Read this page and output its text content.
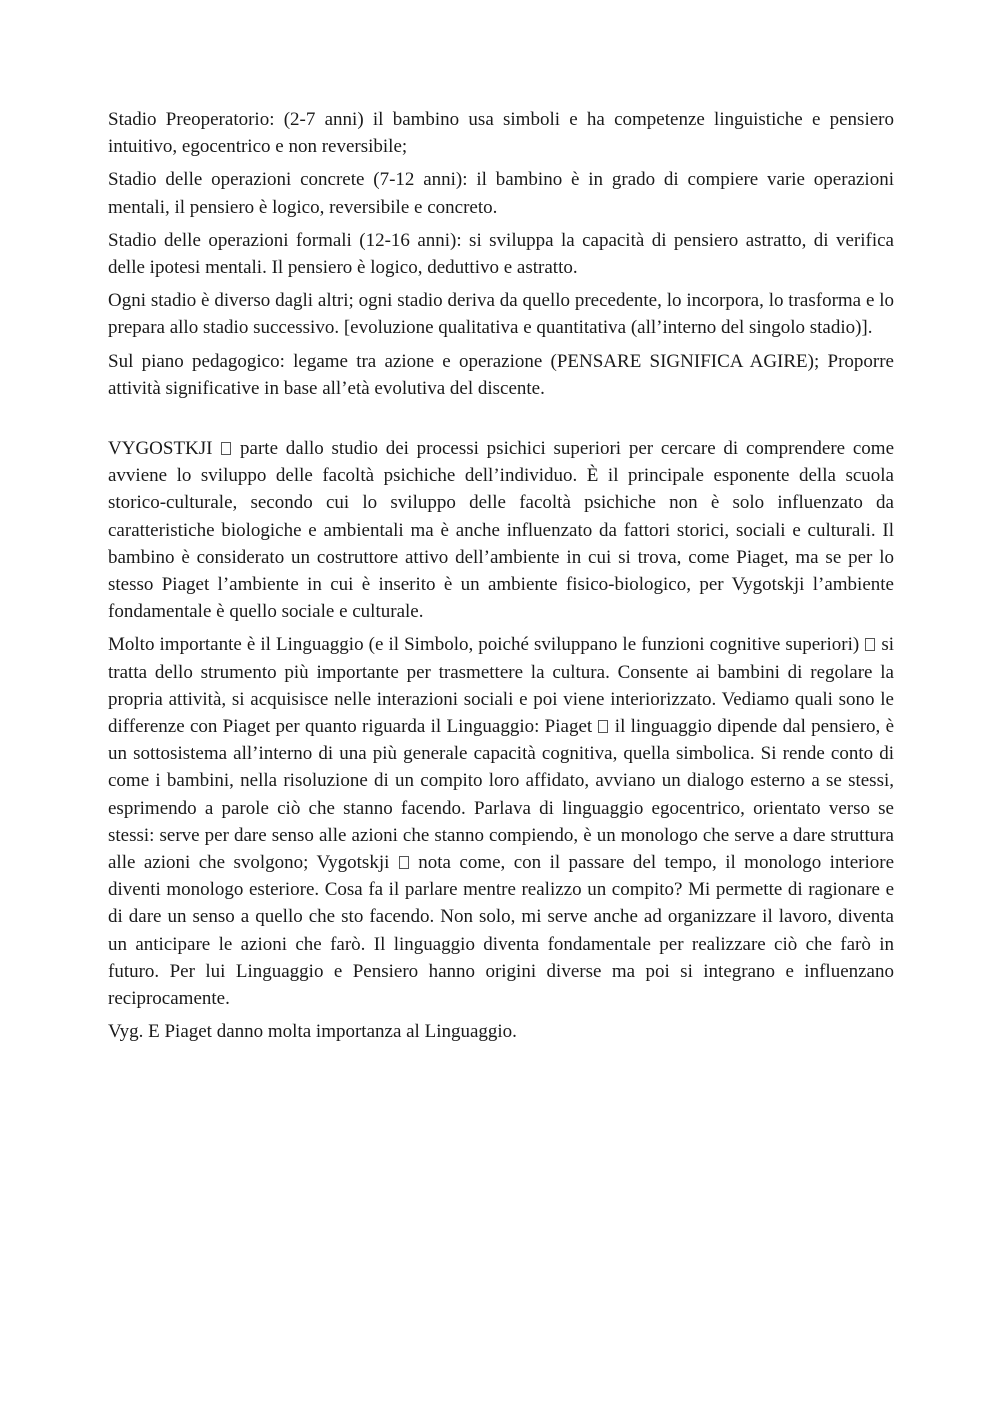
Stadio Preoperatorio: (2-7 anni) il bambino usa simboli e ha competenze linguistiche e pensiero intuitivo, egocentrico e non reversibile;

Stadio delle operazioni concrete (7-12 anni): il bambino è in grado di compiere varie operazioni mentali, il pensiero è logico, reversibile e concreto.

Stadio delle operazioni formali (12-16 anni): si sviluppa la capacità di pensiero astratto, di verifica delle ipotesi mentali. Il pensiero è logico, deduttivo e astratto.

Ogni stadio è diverso dagli altri; ogni stadio deriva da quello precedente, lo incorpora, lo trasforma e lo prepara allo stadio successivo. [evoluzione qualitativa e quantitativa (all’interno del singolo stadio)].

Sul piano pedagogico: legame tra azione e operazione (PENSARE SIGNIFICA AGIRE); Proporre attività significative in base all’età evolutiva del discente.

VYGOSTKJI parte dallo studio dei processi psichici superiori per cercare di comprendere come avviene lo sviluppo delle facoltà psichiche dell’individuo. È il principale esponente della scuola storico-culturale, secondo cui lo sviluppo delle facoltà psichiche non è solo influenzato da caratteristiche biologiche e ambientali ma è anche influenzato da fattori storici, sociali e culturali. Il bambino è considerato un costruttore attivo dell’ambiente in cui si trova, come Piaget, ma se per lo stesso Piaget l’ambiente in cui è inserito è un ambiente fisico-biologico, per Vygotskji l’ambiente fondamentale è quello sociale e culturale.

Molto importante è il Linguaggio (e il Simbolo, poiché sviluppano le funzioni cognitive superiori) si tratta dello strumento più importante per trasmettere la cultura. Consente ai bambini di regolare la propria attività, si acquisisce nelle interazioni sociali e poi viene interiorizzato. Vediamo quali sono le differenze con Piaget per quanto riguarda il Linguaggio: Piaget il linguaggio dipende dal pensiero, è un sottosistema all’interno di una più generale capacità cognitiva, quella simbolica. Si rende conto di come i bambini, nella risoluzione di un compito loro affidato, avviano un dialogo esterno a se stessi, esprimendo a parole ciò che stanno facendo. Parlava di linguaggio egocentrico, orientato verso se stessi: serve per dare senso alle azioni che stanno compiendo, è un monologo che serve a dare struttura alle azioni che svolgono; Vygotskji nota come, con il passare del tempo, il monologo interiore diventi monologo esteriore. Cosa fa il parlare mentre realizzo un compito? Mi permette di ragionare e di dare un senso a quello che sto facendo. Non solo, mi serve anche ad organizzare il lavoro, diventa un anticipare le azioni che farò. Il linguaggio diventa fondamentale per realizzare ciò che farò in futuro. Per lui Linguaggio e Pensiero hanno origini diverse ma poi si integrano e influenzano reciprocamente.

Vyg. E Piaget danno molta importanza al Linguaggio.
